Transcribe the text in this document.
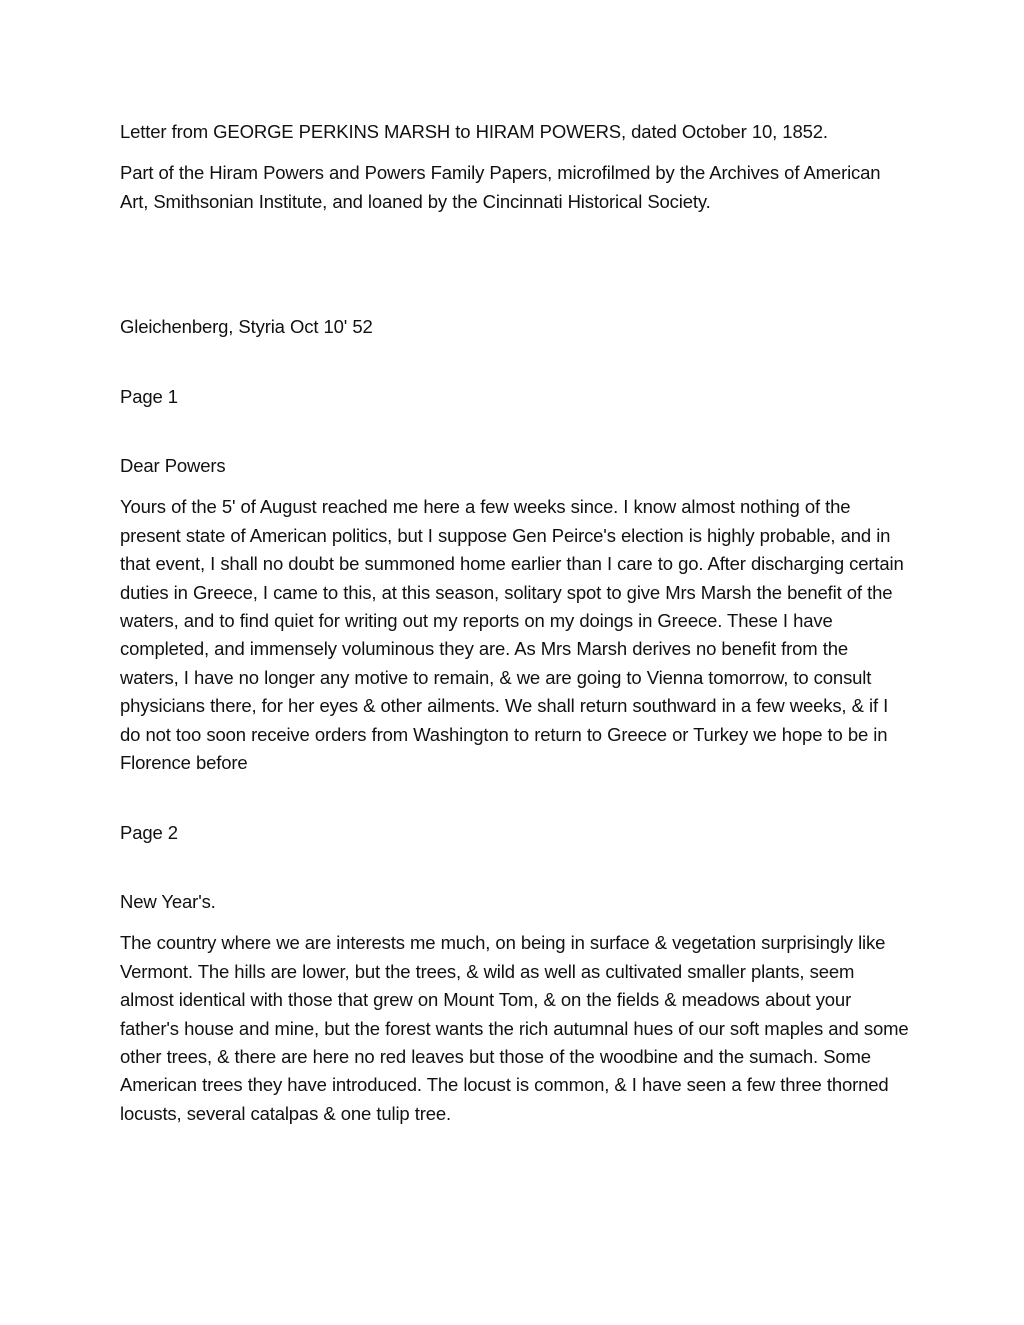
Letter from GEORGE PERKINS MARSH to HIRAM POWERS, dated October 10, 1852.

Part of the Hiram Powers and Powers Family Papers, microfilmed by the Archives of American Art, Smithsonian Institute, and loaned by the Cincinnati Historical Society.

Gleichenberg, Styria Oct 10' 52

Page 1

Dear Powers

Yours of the 5' of August reached me here a few weeks since. I know almost nothing of the present state of American politics, but I suppose Gen Peirce's election is highly probable, and in that event, I shall no doubt be summoned home earlier than I care to go. After discharging certain duties in Greece, I came to this, at this season, solitary spot to give Mrs Marsh the benefit of the waters, and to find quiet for writing out my reports on my doings in Greece. These I have completed, and immensely voluminous they are. As Mrs Marsh derives no benefit from the waters, I have no longer any motive to remain, & we are going to Vienna tomorrow, to consult physicians there, for her eyes & other ailments. We shall return southward in a few weeks, & if I do not too soon receive orders from Washington to return to Greece or Turkey we hope to be in Florence before

Page 2

New Year's.

The country where we are interests me much, on being in surface & vegetation surprisingly like Vermont. The hills are lower, but the trees, & wild as well as cultivated smaller plants, seem almost identical with those that grew on Mount Tom, & on the fields & meadows about your father's house and mine, but the forest wants the rich autumnal hues of our soft maples and some other trees, & there are here no red leaves but those of the woodbine and the sumach. Some American trees they have introduced. The locust is common, & I have seen a few three thorned locusts, several catalpas & one tulip tree.
